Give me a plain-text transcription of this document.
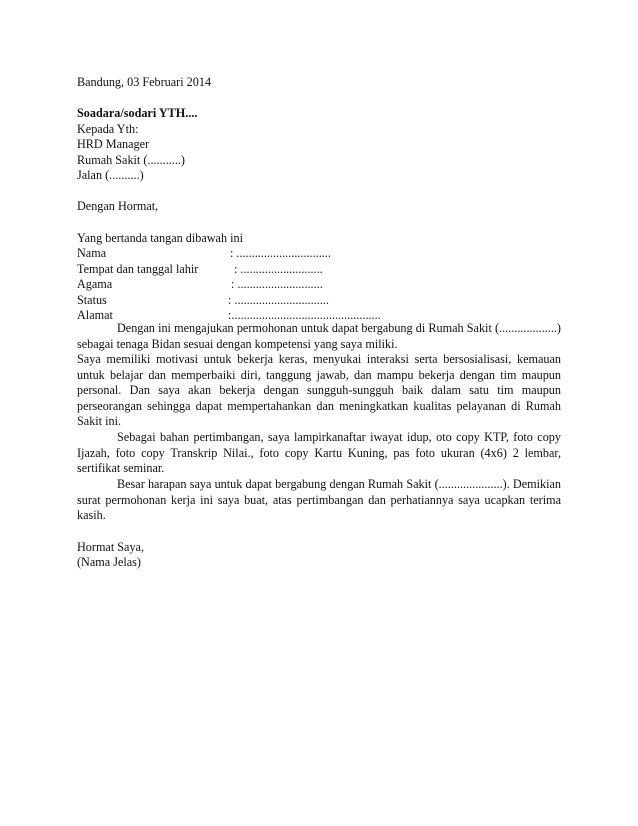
Bandung, 03 Februari 2014
Soadara/sodari YTH....
Kepada Yth:
HRD Manager
Rumah Sakit (...........)
Jalan (..........)
Dengan Hormat,
Yang bertanda tangan dibawah ini
Nama	: ...............................
Tempat dan tanggal lahir	: ...........................
Agama	: ............................
Status	: ...............................
Alamat	:.................................................
Dengan ini mengajukan permohonan untuk dapat bergabung di Rumah Sakit (...................) sebagai tenaga Bidan sesuai dengan kompetensi yang saya miliki.
Saya memiliki motivasi untuk bekerja keras, menyukai interaksi serta bersosialisasi, kemauan untuk belajar dan memperbaiki diri, tanggung jawab, dan mampu bekerja dengan tim maupun personal. Dan saya akan bekerja dengan sungguh-sungguh baik dalam satu tim maupun perseorangan sehingga dapat mempertahankan dan meningkatkan kualitas pelayanan di Rumah Sakit ini.
Sebagai bahan pertimbangan, saya lampirkanaftar iwayat idup, oto copy KTP, foto copy Ijazah, foto copy Transkrip Nilai., foto copy Kartu Kuning, pas foto ukuran (4x6) 2 lembar, sertifikat seminar.
Besar harapan saya untuk dapat bergabung dengan Rumah Sakit (.....................). Demikian surat permohonan kerja ini saya buat, atas pertimbangan dan perhatiannya saya ucapkan terima kasih.
Hormat Saya,
(Nama Jelas)
